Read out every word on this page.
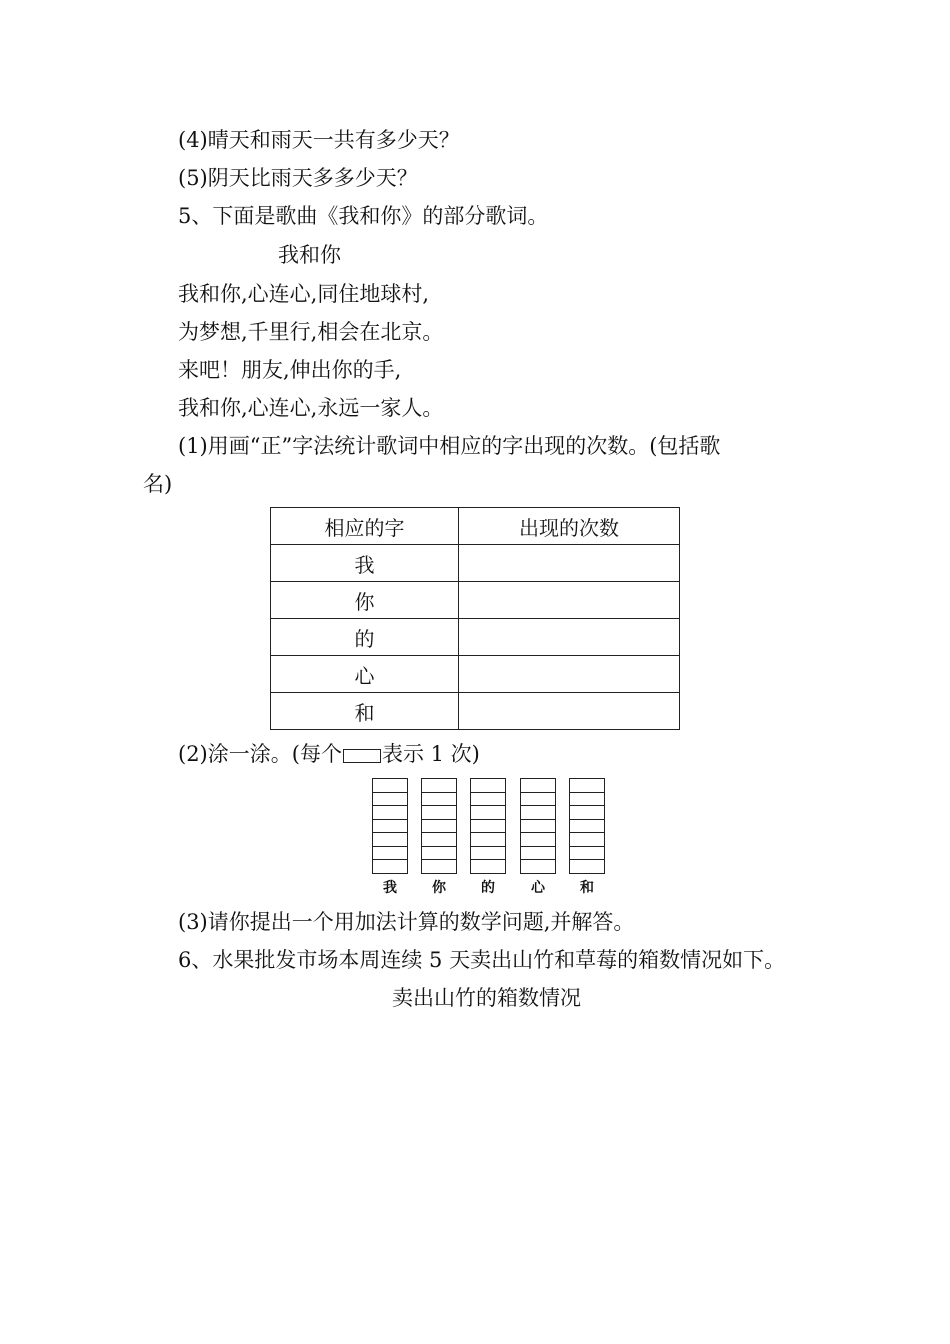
(4)晴天和雨天一共有多少天？
(5)阴天比雨天多多少天？
5、下面是歌曲《我和你》的部分歌词。
我和你
我和你,心连心,同住地球村,
为梦想,千里行,相会在北京。
来吧！朋友,伸出你的手,
我和你,心连心,永远一家人。
(1)用画“正”字法统计歌词中相应的字出现的次数。(包括歌
名)
相应的字	出现的次数
我	
你	
的	
心	
和	
(2)涂一涂。(每个 表示 1 次)
我	你	的	心	和
(3)请你提出一个用加法计算的数学问题,并解答。
6、水果批发市场本周连续 5 天卖出山竹和草莓的箱数情况如下。
卖出山竹的箱数情况
